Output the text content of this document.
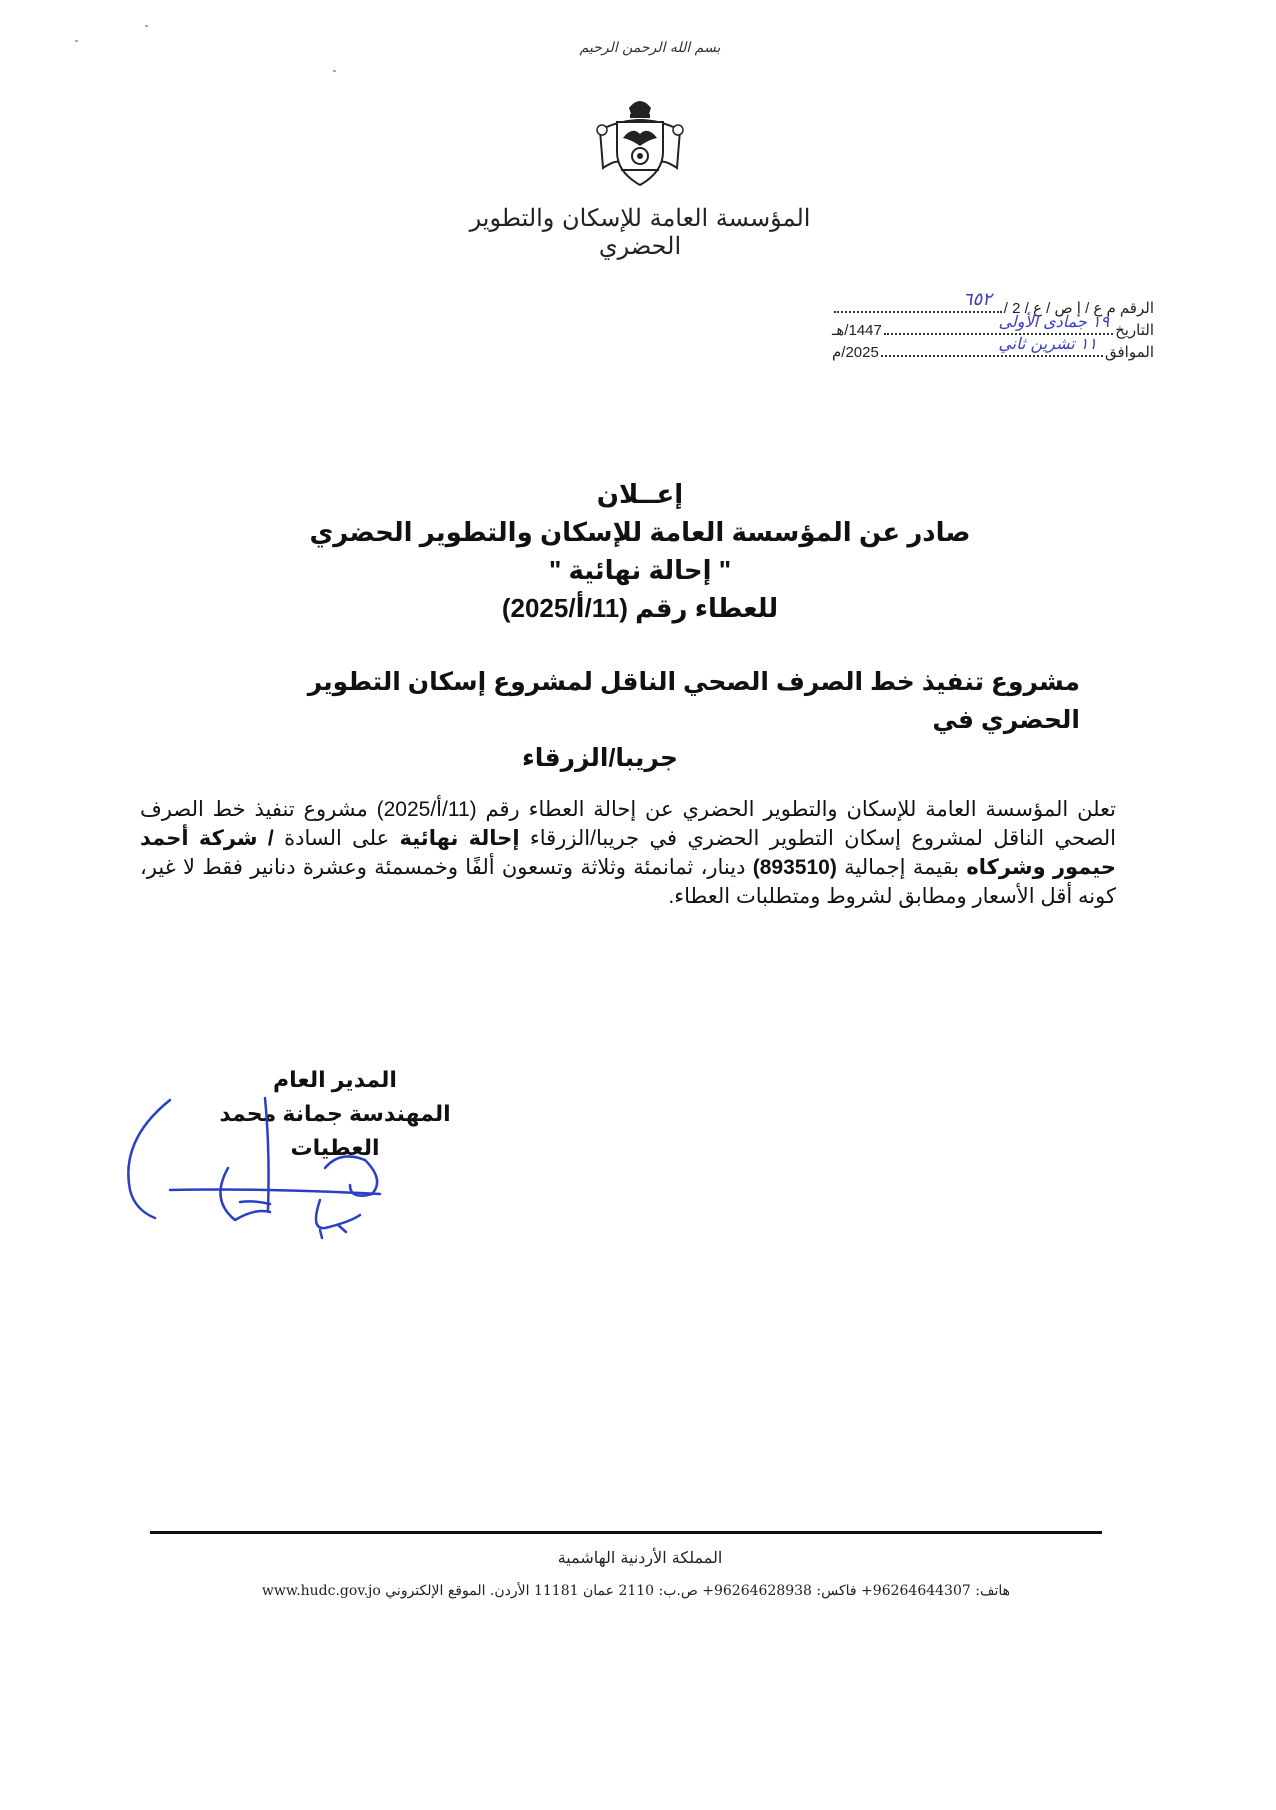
بسم الله الرحمن الرحيم
المؤسسة العامة للإسكان والتطوير الحضري
الرقم
م ع / إ ص / ع / 2 /
٦٥٢
التاريخ
١٩ جمادى الأولى
1447/هـ
الموافق
١١ تشرين ثاني
2025/م
إعــلان
صادر عن المؤسسة العامة للإسكان والتطوير الحضري
" إحالة نهائية "
للعطاء رقم (11/أ/2025)
مشروع تنفيذ خط الصرف الصحي الناقل لمشروع إسكان التطوير الحضري في
جريبا/الزرقاء
تعلن المؤسسة العامة للإسكان والتطوير الحضري عن إحالة العطاء رقم (11/أ/2025) مشروع تنفيذ خط الصرف الصحي الناقل لمشروع إسكان التطوير الحضري في جريبا/الزرقاء إحالة نهائية على السادة / شركة أحمد حيمور وشركاه بقيمة إجمالية (893510) دينار، ثمانمئة وثلاثة وتسعون ألفًا وخمسمئة وعشرة دنانير فقط لا غير، كونه أقل الأسعار ومطابق لشروط ومتطلبات العطاء.
المدير العام
المهندسة جمانة محمد العطيات
المملكة الأردنية الهاشمية
هاتف: 96264644307+ فاكس: 96264628938+ ص.ب: 2110 عمان 11181 الأردن. الموقع الإلكتروني www.hudc.gov.jo
